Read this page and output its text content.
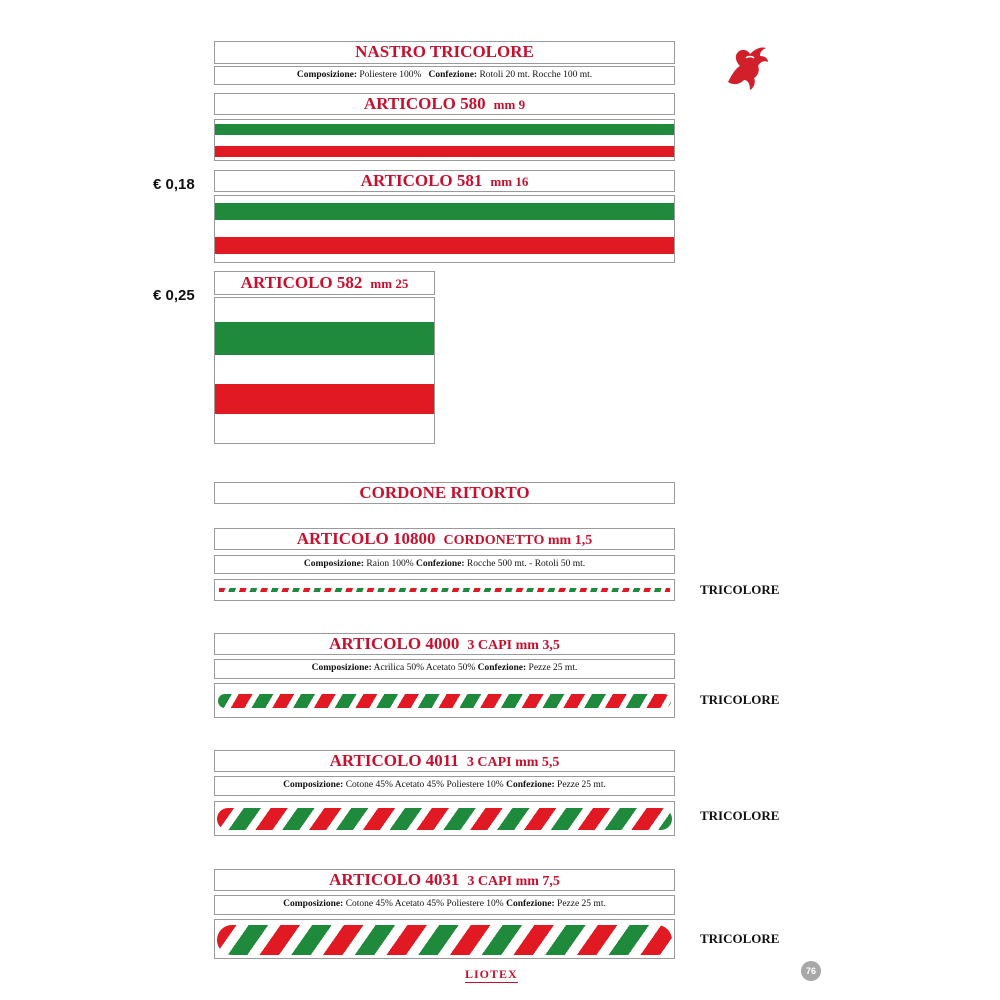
NASTRO TRICOLORE
Composizione: Poliestere 100% Confezione: Rotoli 20 mt. Rocche 100 mt.
ARTICOLO 580 mm 9
€ 0,18	ARTICOLO 581 mm 16
€ 0,25
ARTICOLO 582 mm 25
CORDONE RITORTO
ARTICOLO 10800 CORDONETTO mm 1,5
Composizione: Raion 100% Confezione: Rocche 500 mt. - Rotoli 50 mt.
TRICOLORE
ARTICOLO 4000 3 CAPI mm 3,5
Composizione: Acrilica 50% Acetato 50% Confezione: Pezze 25 mt.
TRICOLORE
ARTICOLO 4011 3 CAPI mm 5,5
Composizione: Cotone 45% Acetato 45% Poliestere 10% Confezione: Pezze 25 mt.
TRICOLORE
ARTICOLO 4031 3 CAPI mm 7,5
Composizione: Cotone 45% Acetato 45% Poliestere 10% Confezione: Pezze 25 mt.
TRICOLORE
LIOTEX	76
